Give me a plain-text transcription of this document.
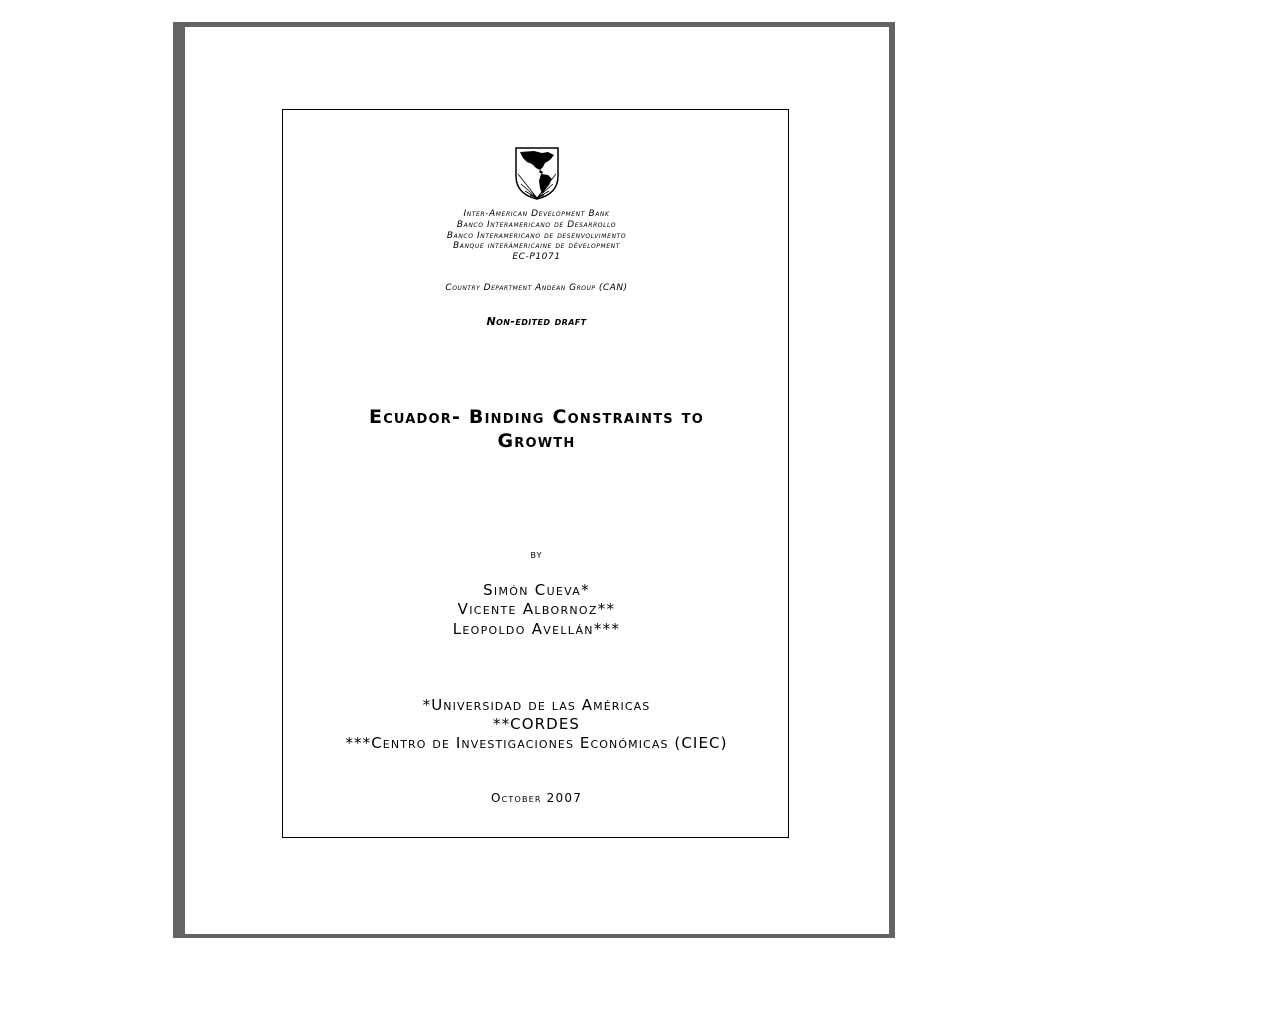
Inter-American Development Bank
Banco Interamericano de Desarrollo
Banco Interamericano de desenvolvimento
Banque interámericaine de dévelopment
EC-P1071
Country Department Andean Group (CAN)
Non-edited draft
Ecuador- Binding Constraints to
Growth
by
Simón Cueva*
Vicente Albornoz**
Leopoldo Avellán***
*Universidad de las Américas
**CORDES
***Centro de Investigaciones Económicas (CIEC)
October 2007
